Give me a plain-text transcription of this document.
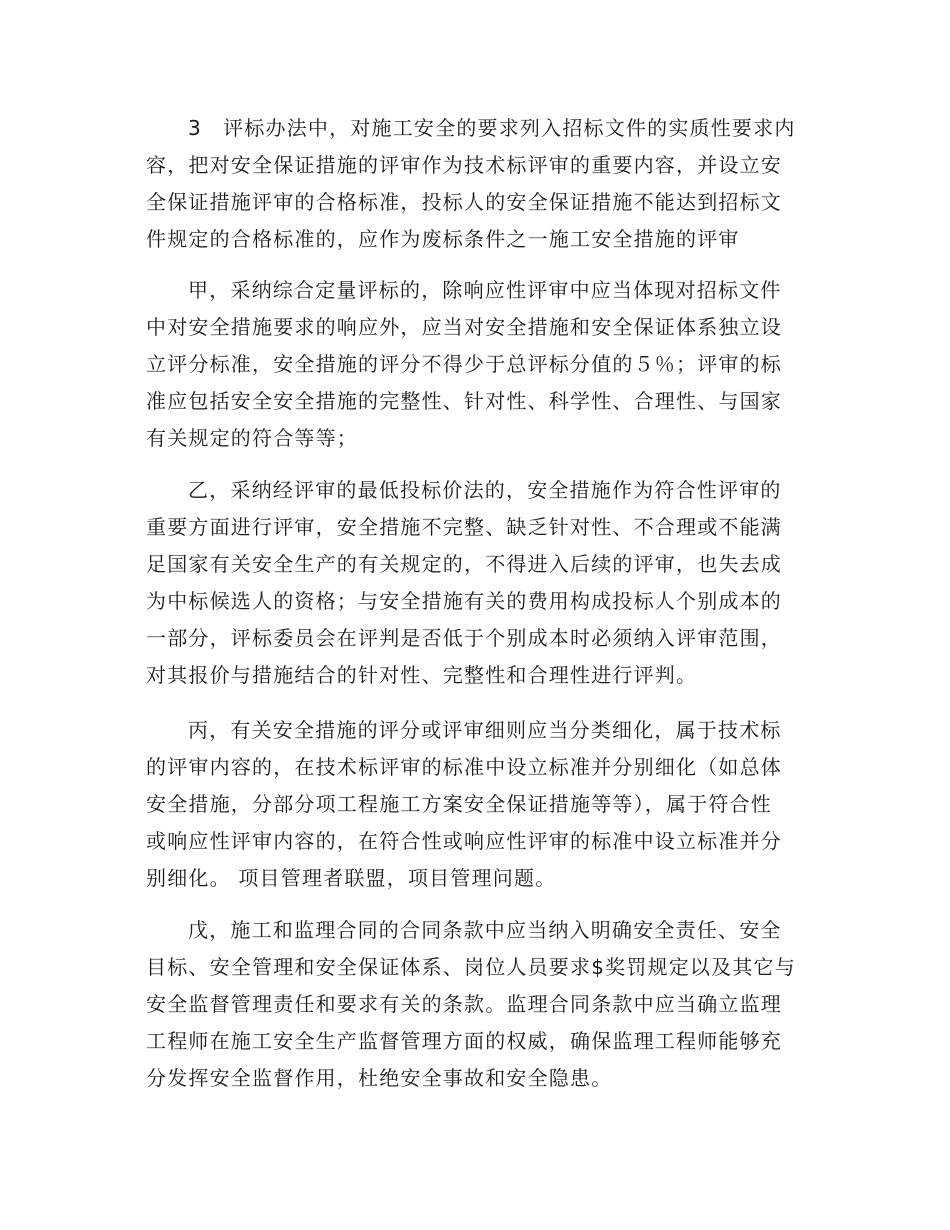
3　评标办法中，对施工安全的要求列入招标文件的实质性要求内
容，把对安全保证措施的评审作为技术标评审的重要内容，并设立安
全保证措施评审的合格标准，投标人的安全保证措施不能达到招标文
件规定的合格标准的，应作为废标条件之一施工安全措施的评审
甲，采纳综合定量评标的，除响应性评审中应当体现对招标文件
中对安全措施要求的响应外，应当对安全措施和安全保证体系独立设
立评分标准，安全措施的评分不得少于总评标分值的５％；评审的标
准应包括安全安全措施的完整性、针对性、科学性、合理性、与国家
有关规定的符合等等；
乙，采纳经评审的最低投标价法的，安全措施作为符合性评审的
重要方面进行评审，安全措施不完整、缺乏针对性、不合理或不能满
足国家有关安全生产的有关规定的，不得进入后续的评审，也失去成
为中标候选人的资格；与安全措施有关的费用构成投标人个别成本的
一部分，评标委员会在评判是否低于个别成本时必须纳入评审范围，
对其报价与措施结合的针对性、完整性和合理性进行评判。
丙，有关安全措施的评分或评审细则应当分类细化，属于技术标
的评审内容的，在技术标评审的标准中设立标准并分别细化（如总体
安全措施，分部分项工程施工方案安全保证措施等等），属于符合性
或响应性评审内容的，在符合性或响应性评审的标准中设立标准并分
别细化。 项目管理者联盟，项目管理问题。
戊，施工和监理合同的合同条款中应当纳入明确安全责任、安全
目标、安全管理和安全保证体系、岗位人员要求$奖罚规定以及其它与
安全监督管理责任和要求有关的条款。监理合同条款中应当确立监理
工程师在施工安全生产监督管理方面的权威，确保监理工程师能够充
分发挥安全监督作用，杜绝安全事故和安全隐患。
